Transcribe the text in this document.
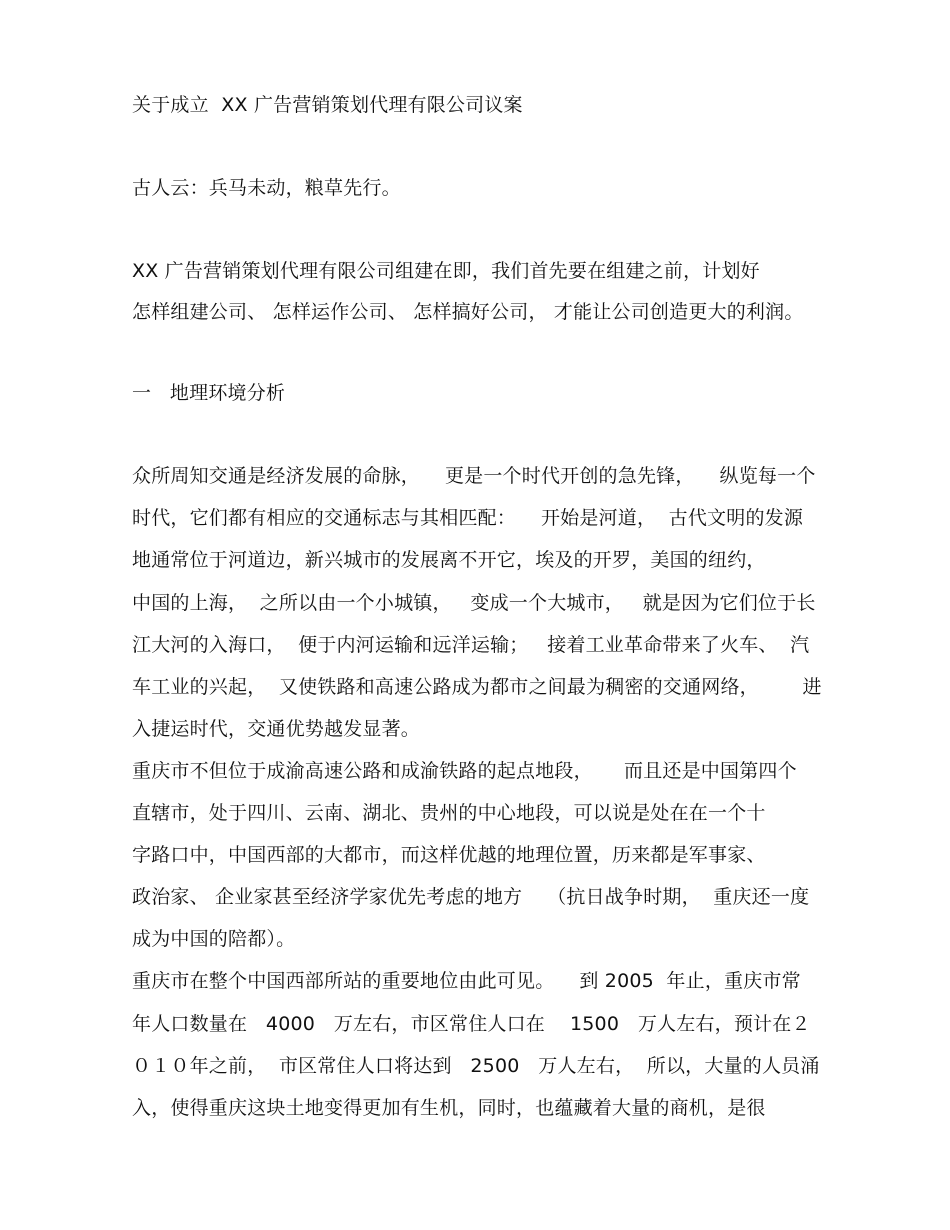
关于成立  XX 广告营销策划代理有限公司议案
古人云：兵马未动，粮草先行。
XX 广告营销策划代理有限公司组建在即，我们首先要在组建之前，计划好
怎样组建公司、 怎样运作公司、 怎样搞好公司， 才能让公司创造更大的利润。
一   地理环境分析
众所周知交通是经济发展的命脉，    更是一个时代开创的急先锋，    纵览每一个
时代，它们都有相应的交通标志与其相匹配：    开始是河道，  古代文明的发源
地通常位于河道边，新兴城市的发展离不开它，埃及的开罗，美国的纽约，
中国的上海，  之所以由一个小城镇，   变成一个大城市，   就是因为它们位于长
江大河的入海口，  便于内河运输和远洋运输；   接着工业革命带来了火车、  汽
车工业的兴起，  又使铁路和高速公路成为都市之间最为稠密的交通网络，       进
入捷运时代，交通优势越发显著。
重庆市不但位于成渝高速公路和成渝铁路的起点地段，     而且还是中国第四个
直辖市，处于四川、云南、湖北、贵州的中心地段，可以说是处在在一个十
字路口中，中国西部的大都市，而这样优越的地理位置，历来都是军事家、
政治家、 企业家甚至经济学家优先考虑的地方    （抗日战争时期，  重庆还一度
成为中国的陪都）。
重庆市在整个中国西部所站的重要地位由此可见。    到 2005  年止，重庆市常
年人口数量在   4000   万左右，市区常住人口在    1500   万人左右，预计在２
０１０年之前，  市区常住人口将达到   2500   万人左右，  所以，大量的人员涌
入，使得重庆这块土地变得更加有生机，同时，也蕴藏着大量的商机，是很
